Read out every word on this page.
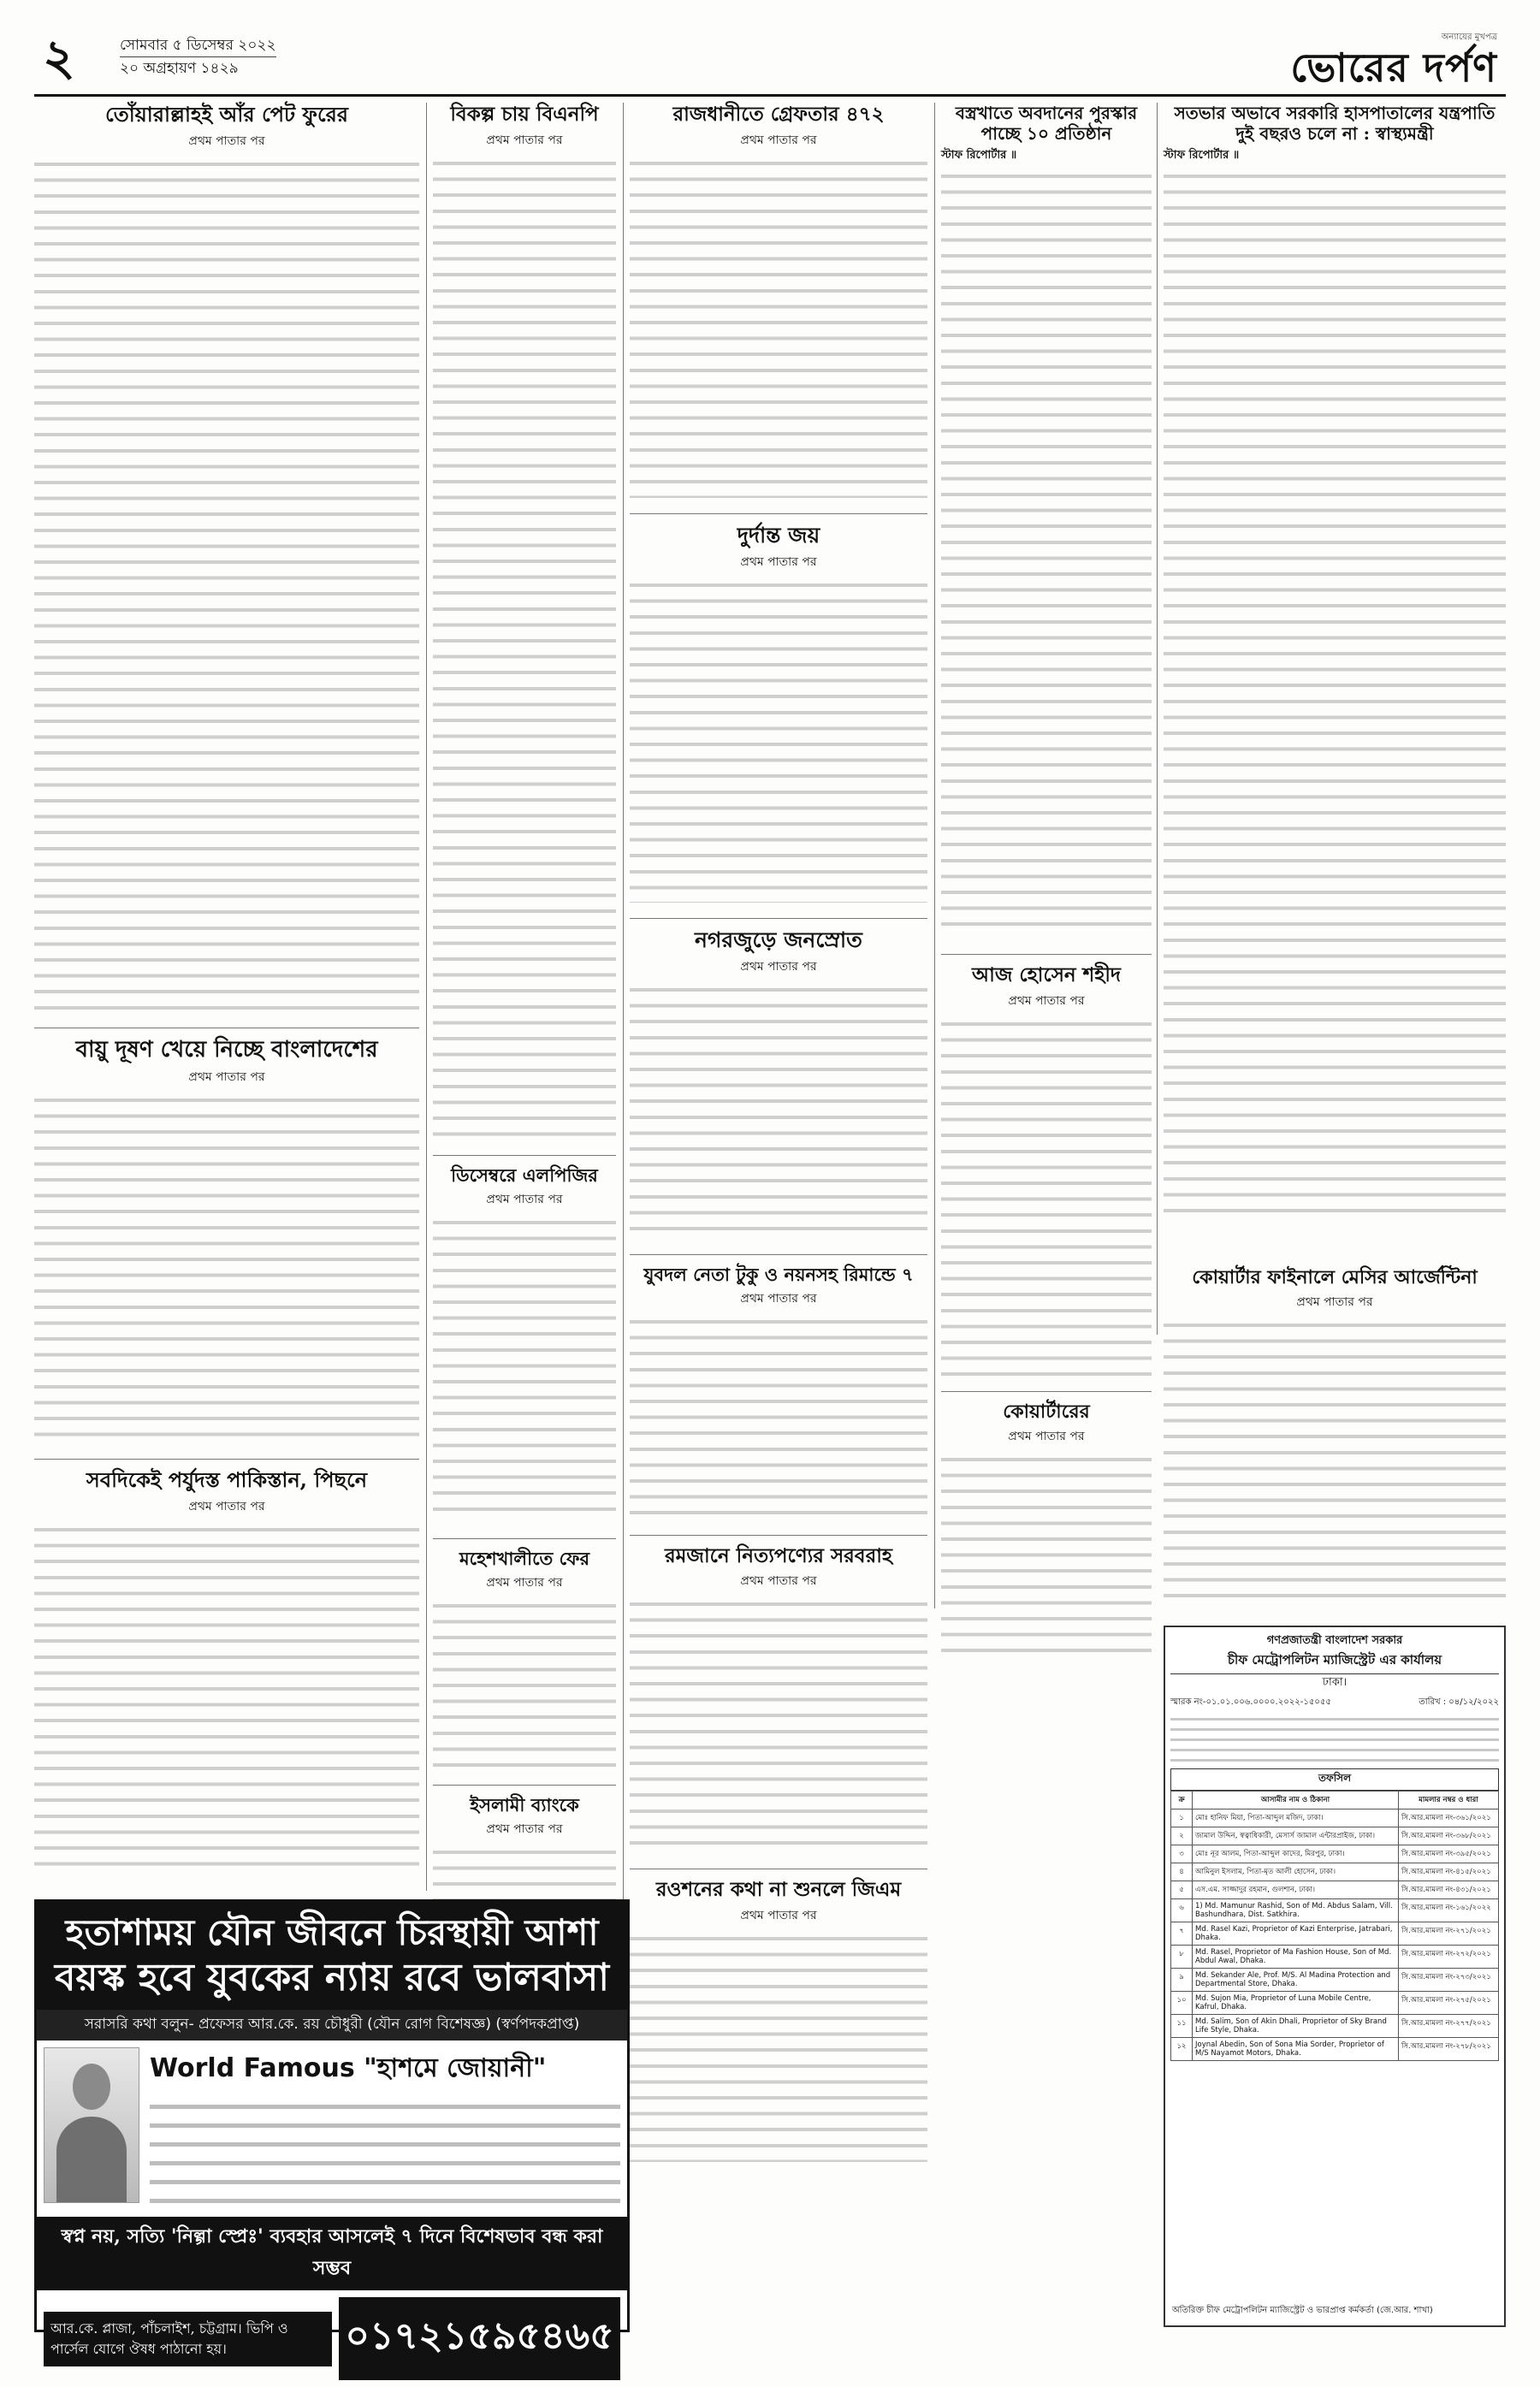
২	সোমবার ৫ ডিসেম্বর ২০২২
২০ অগ্রহায়ণ ১৪২৯
অন্যায়ের মুখপত্র
ভোরের দর্পণ
তোঁয়ারাল্লাহই আঁর পেট ফুরের
প্রথম পাতার পর
বায়ু দূষণ খেয়ে নিচ্ছে বাংলাদেশের
প্রথম পাতার পর
সবদিকেই পর্যুদস্ত পাকিস্তান, পিছনে
প্রথম পাতার পর
বিকল্প চায় বিএনপি
প্রথম পাতার পর
ডিসেম্বরে এলপিজির
প্রথম পাতার পর
মহেশখালীতে ফের
প্রথম পাতার পর
ইসলামী ব্যাংকে
প্রথম পাতার পর
রাজধানীতে গ্রেফতার ৪৭২
প্রথম পাতার পর
দুর্দান্ত জয়
প্রথম পাতার পর
নগরজুড়ে জনস্রোত
প্রথম পাতার পর
যুবদল নেতা টুকু ও নয়নসহ রিমান্ডে ৭
প্রথম পাতার পর
রমজানে নিত্যপণ্যের সরবরাহ
প্রথম পাতার পর
রওশনের কথা না শুনলে জিএম
প্রথম পাতার পর
বস্ত্রখাতে অবদানের পুরস্কার পাচ্ছে ১০ প্রতিষ্ঠান
স্টাফ রিপোর্টার ॥
আজ হোসেন শহীদ
প্রথম পাতার পর
কোয়ার্টারের
প্রথম পাতার পর
সতভার অভাবে সরকারি হাসপাতালের যন্ত্রপাতি দুই বছরও চলে না : স্বাস্থ্যমন্ত্রী
স্টাফ রিপোর্টার ॥
কোয়ার্টার ফাইনালে মেসির আর্জেন্টিনা
প্রথম পাতার পর
হতাশাময় যৌন জীবনে চিরস্থায়ী আশা
বয়স্ক হবে যুবকের ন্যায় রবে ভালবাসা
সরাসরি কথা বলুন- প্রফেসর আর.কে. রয় চৌধুরী (যৌন রোগ বিশেষজ্ঞ) (স্বর্ণপদকপ্রাপ্ত)
World Famous "হাশমে জোয়ানী"
স্বপ্ন নয়, সত্যি 'নিল্গা স্প্রেঃ' ব্যবহার আসলেই ৭ দিনে বিশেষভাব বন্ধ করা সম্ভব
আর.কে. প্লাজা, পাঁচলাইশ, চট্টগ্রাম। ভিপি ও পার্সেল যোগে ঔষধ পাঠানো হয়।	০১৭২১৫৯৫৪৬৫
গণপ্রজাতন্ত্রী বাংলাদেশ সরকার
চীফ মেট্রোপলিটন ম্যাজিস্ট্রেট এর কার্যালয়
ঢাকা।
স্মারক নং-০১.০১.০০৬.০০০০.২০২২-১৫০৫৫	তারিখ : ০৪/১২/২০২২
তফসিল
ক্র	আসামীর নাম ও ঠিকানা	মামলার নম্বর ও ধারা
১	মোঃ হানিফ মিয়া, পিতা-আব্দুল মজিদ, ঢাকা।	সি.আর.মামলা নং-৩৬১/২০২১
২	জামাল উদ্দিন, স্বত্বাধিকারী, মেসার্স জামাল এন্টারপ্রাইজ, ঢাকা।	সি.আর.মামলা নং-৩৬৮/২০২১
৩	মোঃ নূর আলম, পিতা-আব্দুল কাদের, মিরপুর, ঢাকা।	সি.আর.মামলা নং-৩৯৫/২০২১
৪	আমিনুল ইসলাম, পিতা-মৃত আলী হোসেন, ঢাকা।	সি.আর.মামলা নং-৪১৫/২০২১
৫	এস.এম. সাজ্জাদুর রহমান, গুলশান, ঢাকা।	সি.আর.মামলা নং-৪৩১/২০২১
৬	1) Md. Mamunur Rashid, Son of Md. Abdus Salam, Vill. Bashundhara, Dist. Satkhira.	সি.আর.মামলা নং-১৬১/২০২২
৭	Md. Rasel Kazi, Proprietor of Kazi Enterprise, Jatrabari, Dhaka.	সি.আর.মামলা নং-২৭১/২০২১
৮	Md. Rasel, Proprietor of Ma Fashion House, Son of Md. Abdul Awal, Dhaka.	সি.আর.মামলা নং-২৭২/২০২১
৯	Md. Sekander Ale, Prof. M/S. Al Madina Protection and Departmental Store, Dhaka.	সি.আর.মামলা নং-২৭৩/২০২১
১০	Md. Sujon Mia, Proprietor of Luna Mobile Centre, Kafrul, Dhaka.	সি.আর.মামলা নং-২৭৫/২০২১
১১	Md. Salim, Son of Akin Dhali, Proprietor of Sky Brand Life Style, Dhaka.	সি.আর.মামলা নং-২৭৭/২০২১
১২	Joynal Abedin, Son of Sona Mia Sorder, Proprietor of M/S Nayamot Motors, Dhaka.	সি.আর.মামলা নং-২৭৮/২০২১
অতিরিক্ত চীফ মেট্রোপলিটন ম্যাজিস্ট্রেট ও ভারপ্রাপ্ত কর্মকর্তা (জে.আর. শাখা)
